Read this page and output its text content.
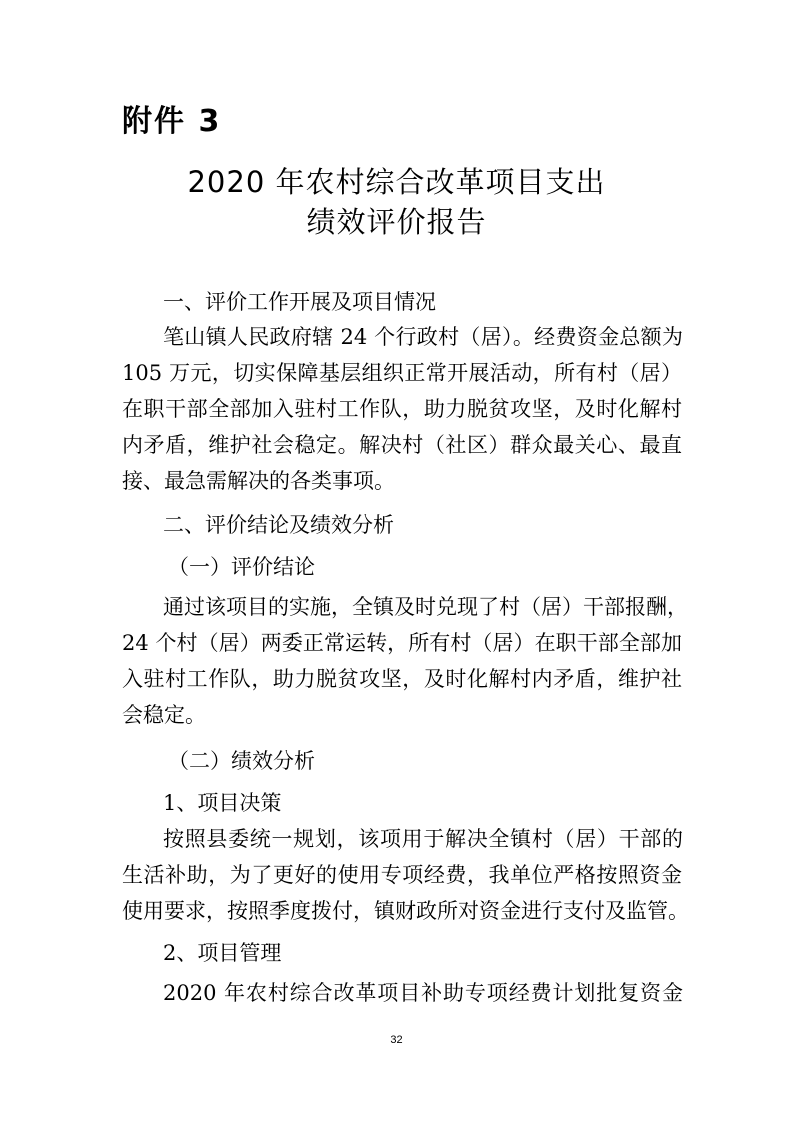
附件 3
2020 年农村综合改革项目支出
绩效评价报告
一、评价工作开展及项目情况
笔山镇人民政府辖 24 个行政村（居）。经费资金总额为
105 万元，切实保障基层组织正常开展活动，所有村（居）
在职干部全部加入驻村工作队，助力脱贫攻坚，及时化解村
内矛盾，维护社会稳定。解决村（社区）群众最关心、最直
接、最急需解决的各类事项。
二、评价结论及绩效分析
（一）评价结论
通过该项目的实施，全镇及时兑现了村（居）干部报酬，
24 个村（居）两委正常运转，所有村（居）在职干部全部加
入驻村工作队，助力脱贫攻坚，及时化解村内矛盾，维护社
会稳定。
（二）绩效分析
1、项目决策
按照县委统一规划，该项用于解决全镇村（居）干部的
生活补助，为了更好的使用专项经费，我单位严格按照资金
使用要求，按照季度拨付，镇财政所对资金进行支付及监管。
2、项目管理
2020 年农村综合改革项目补助专项经费计划批复资金
32
